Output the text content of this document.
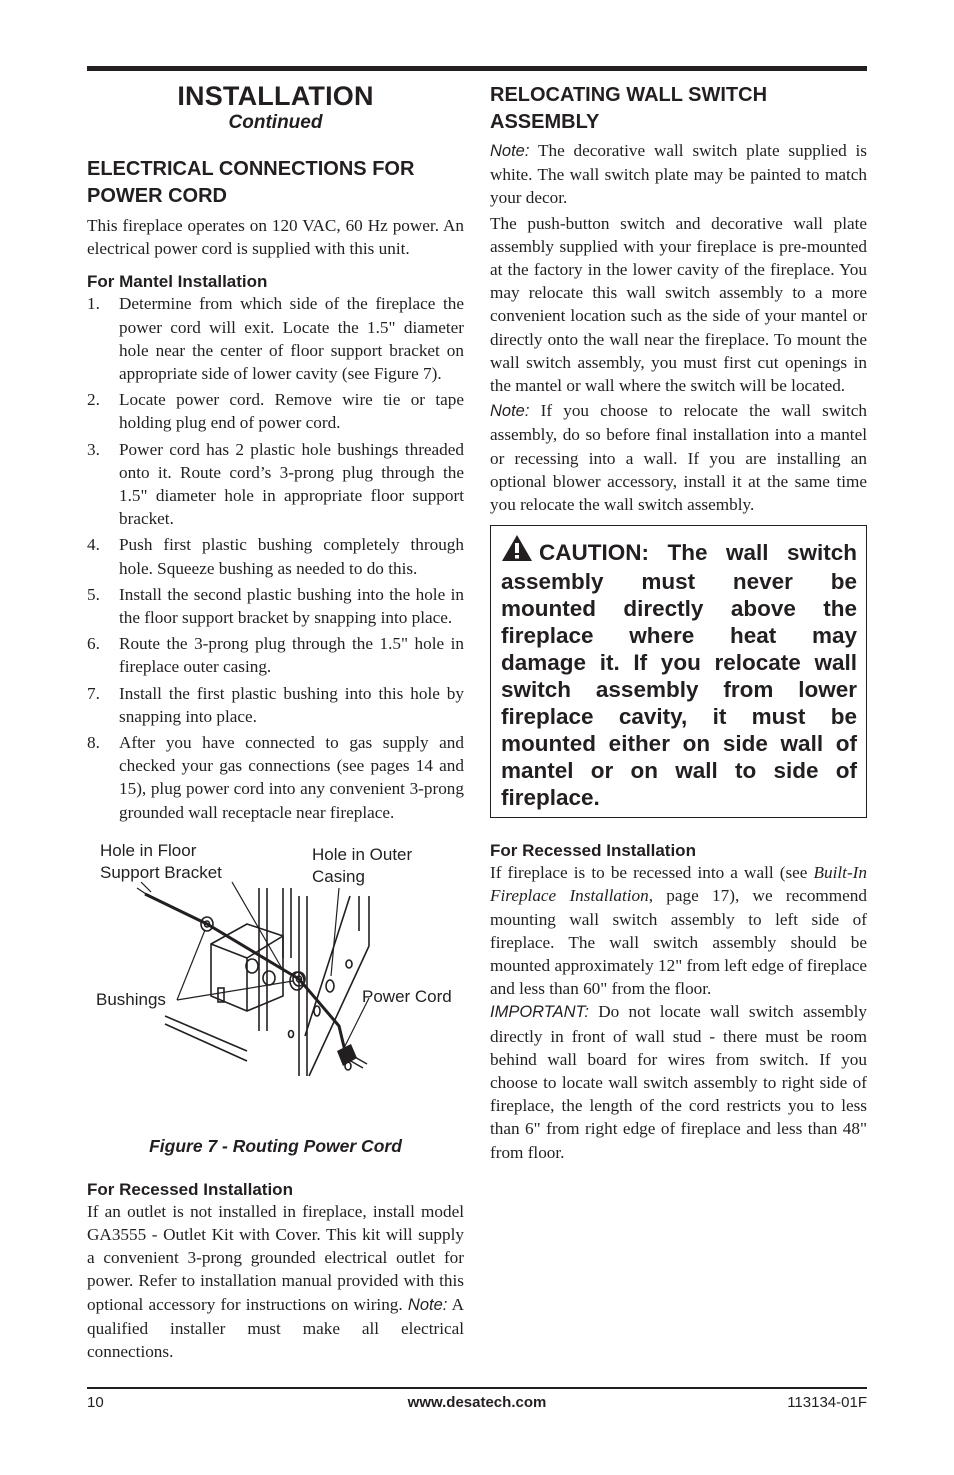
INSTALLATION
Continued
ELECTRICAL CONNECTIONS FOR POWER CORD

This fireplace operates on 120 VAC, 60 Hz power. An electrical power cord is supplied with this unit.

For Mantel Installation
1. Determine from which side of the fireplace the power cord will exit. Locate the 1.5" diameter hole near the center of floor support bracket on appropriate side of lower cavity (see Figure 7).
2. Locate power cord. Remove wire tie or tape holding plug end of power cord.
3. Power cord has 2 plastic hole bushings threaded onto it. Route cord’s 3-prong plug through the 1.5" diameter hole in appropriate floor support bracket.
4. Push first plastic bushing completely through hole. Squeeze bushing as needed to do this.
5. Install the second plastic bushing into the hole in the floor support bracket by snapping into place.
6. Route the 3-prong plug through the 1.5" hole in fireplace outer casing.
7. Install the first plastic bushing into this hole by snapping into place.
8. After you have connected to gas supply and checked your gas connections (see pages 14 and 15), plug power cord into any convenient 3-prong grounded wall receptacle near fireplace.
Hole in Floor
Support Bracket
Hole in Outer
Casing
Bushings	Power Cord
Figure 7 - Routing Power Cord
For Recessed Installation

If an outlet is not installed in fireplace, install model GA3555 - Outlet Kit with Cover. This kit will supply a convenient 3-prong grounded electrical outlet for power. Refer to installation manual provided with this optional accessory for instructions on wiring. Note: A qualified installer must make all electrical connections.

RELOCATING WALL SWITCH ASSEMBLY

Note: The decorative wall switch plate supplied is white. The wall switch plate may be painted to match your decor.

The push-button switch and decorative wall plate assembly supplied with your fireplace is pre-mounted at the factory in the lower cavity of the fireplace. You may relocate this wall switch assembly to a more convenient location such as the side of your mantel or directly onto the wall near the fireplace. To mount the wall switch assembly, you must first cut openings in the mantel or wall where the switch will be located.

Note: If you choose to relocate the wall switch assembly, do so before final installation into a mantel or recessing into a wall. If you are installing an optional blower accessory, install it at the same time you relocate the wall switch assembly.

CAUTION: The wall switch assembly must never be mounted directly above the fireplace where heat may damage it. If you relocate wall switch assembly from lower fireplace cavity, it must be mounted either on side wall of mantel or on wall to side of fireplace.

For Recessed Installation

If fireplace is to be recessed into a wall (see Built-In Fireplace Installation, page 17), we recommend mounting wall switch assembly to left side of fireplace. The wall switch assembly should be mounted approximately 12" from left edge of fireplace and less than 60" from the floor.

IMPORTANT: Do not locate wall switch assembly directly in front of wall stud - there must be room behind wall board for wires from switch. If you choose to locate wall switch assembly to right side of fireplace, the length of the cord restricts you to less than 6" from right edge of fireplace and less than 48" from floor.

10	www.desatech.com	113134-01F
